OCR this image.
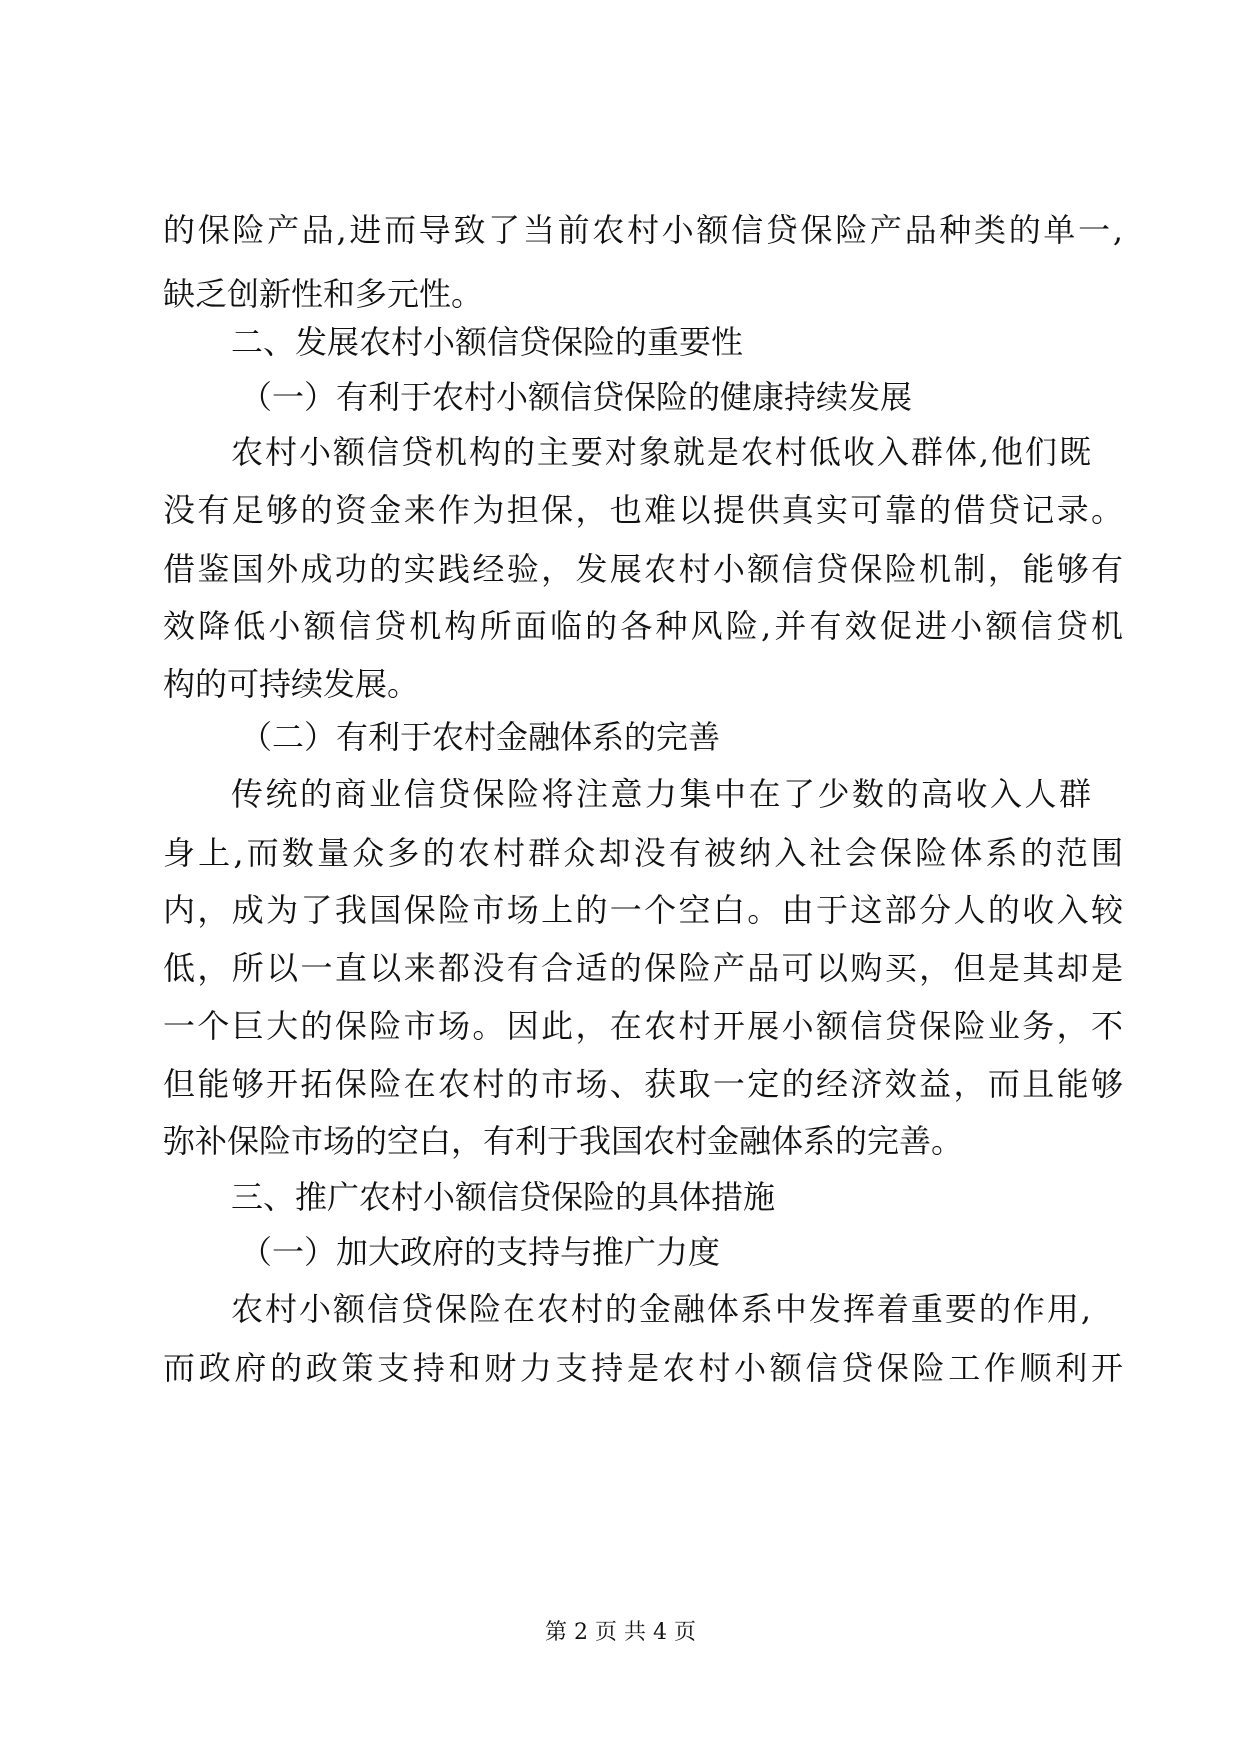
的保险产品,进而导致了当前农村小额信贷保险产品种类的单一,
缺乏创新性和多元性。
二、发展农村小额信贷保险的重要性
（一）有利于农村小额信贷保险的健康持续发展
农村小额信贷机构的主要对象就是农村低收入群体,他们既
没有足够的资金来作为担保，也难以提供真实可靠的借贷记录。
借鉴国外成功的实践经验，发展农村小额信贷保险机制，能够有
效降低小额信贷机构所面临的各种风险,并有效促进小额信贷机
构的可持续发展。
（二）有利于农村金融体系的完善
传统的商业信贷保险将注意力集中在了少数的高收入人群
身上,而数量众多的农村群众却没有被纳入社会保险体系的范围
内，成为了我国保险市场上的一个空白。由于这部分人的收入较
低，所以一直以来都没有合适的保险产品可以购买，但是其却是
一个巨大的保险市场。因此，在农村开展小额信贷保险业务，不
但能够开拓保险在农村的市场、获取一定的经济效益，而且能够
弥补保险市场的空白，有利于我国农村金融体系的完善。
三、推广农村小额信贷保险的具体措施
（一）加大政府的支持与推广力度
农村小额信贷保险在农村的金融体系中发挥着重要的作用,
而政府的政策支持和财力支持是农村小额信贷保险工作顺利开
第 2 页 共 4 页
